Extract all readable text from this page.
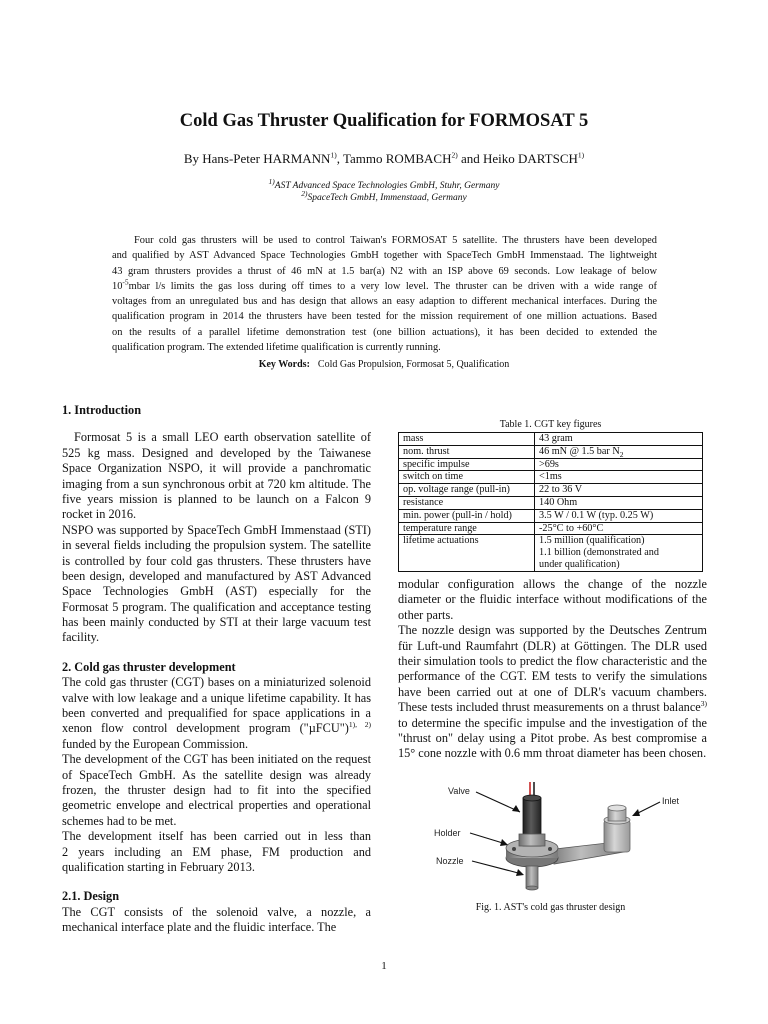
Cold Gas Thruster Qualification for FORMOSAT 5
By Hans-Peter HARMANN$^{1)}$, Tammo ROMBACH$^{2)}$ and Heiko DARTSCH$^{1)}$
$^{1)}$AST Advanced Space Technologies GmbH, Stuhr, Germany
$^{2)}$SpaceTech GmbH, Immenstaad, Germany
Four cold gas thrusters will be used to control Taiwan's FORMOSAT 5 satellite. The thrusters have been developed
and qualified by AST Advanced Space Technologies GmbH together with SpaceTech GmbH Immenstaad. The lightweight
43 gram thrusters provides a thrust of 46 mN at 1.5 bar(a) N2 with an ISP above 69 seconds. Low leakage of below
$10^{-5}mbar$ l/s limits the gas loss during off times to a very low level. The thruster can be driven with a wide range of
voltages from an unregulated bus and has design that allows an easy adaption to different mechanical interfaces. During the
qualification program in 2014 the thrusters have been tested for the mission requirement of one million actuations. Based
on the results of a parallel lifetime demonstration test (one billion actuations), it has been decided to extended the
qualification program. The extended lifetime qualification is currently running.
Key Words: Cold Gas Propulsion, Formosat 5, Qualification
1. Introduction
Formosat 5 is a small LEO earth observation satellite of
525 kg mass. Designed and developed by the Taiwanese
Space Organization NSPO, it will provide a panchromatic
imaging from a sun synchronous orbit at 720 km altitude. The
five years mission is planned to be launch on a Falcon 9
rocket in 2016.
NSPO was supported by SpaceTech GmbH Immenstaad (STI)
in several fields including the propulsion system. The satellite
is controlled by four cold gas thrusters. These thrusters have
been design, developed and manufactured by AST Advanced
Space Technologies GmbH (AST) especially for the
Formosat 5 program. The qualification and acceptance testing
has been mainly conducted by STI at their large vacuum test
facility.
2. Cold gas thruster development
The cold gas thruster (CGT) bases on a miniaturized solenoid
valve with low leakage and a unique lifetime capability. It has
been converted and prequalified for space applications in a
xenon flow control development program ("µFCU")$^{1), 2)}$
funded by the European Commission.
The development of the CGT has been initiated on the request
of SpaceTech GmbH. As the satellite design was already
frozen, the thruster design had to fit into the specified
geometric envelope and electrical properties and operational
schemes had to be met.
The development itself has been carried out in less than
2 years including an EM phase, FM production and
qualification starting in February 2013.
2.1. Design
The CGT consists of the solenoid valve, a nozzle, a
mechanical interface plate and the fluidic interface. The
Table 1. CGT key figures
mass	43 gram
nom. thrust	46 mN @ 1.5 bar $N_2$
specific impulse	>69s
switch on time	<1ms
op. voltage range (pull-in)	22 to 36 V
resistance	140 Ohm
min. power (pull-in / hold)	3.5 W / 0.1 W (typ. 0.25 W)
temperature range	-25°C to +60°C
lifetime actuations	1.5 million (qualification)
1.1 billion (demonstrated and
under qualification)
modular configuration allows the change of the nozzle
diameter or the fluidic interface without modifications of the
other parts.
The nozzle design was supported by the Deutsches Zentrum
für Luft-und Raumfahrt (DLR) at Göttingen. The DLR used
their simulation tools to predict the flow characteristic and the
performance of the CGT. EM tests to verify the simulations
have been carried out at one of DLR's vacuum chambers.
These tests included thrust measurements on a thrust balance$^{3)}$
to determine the specific impulse and the investigation of the
"thrust on" delay using a Pitot probe. As best compromise a
15° cone nozzle with 0.6 mm throat diameter has been chosen.
Valve
Inlet
Holder
Nozzle
Fig. 1. AST's cold gas thruster design
1
